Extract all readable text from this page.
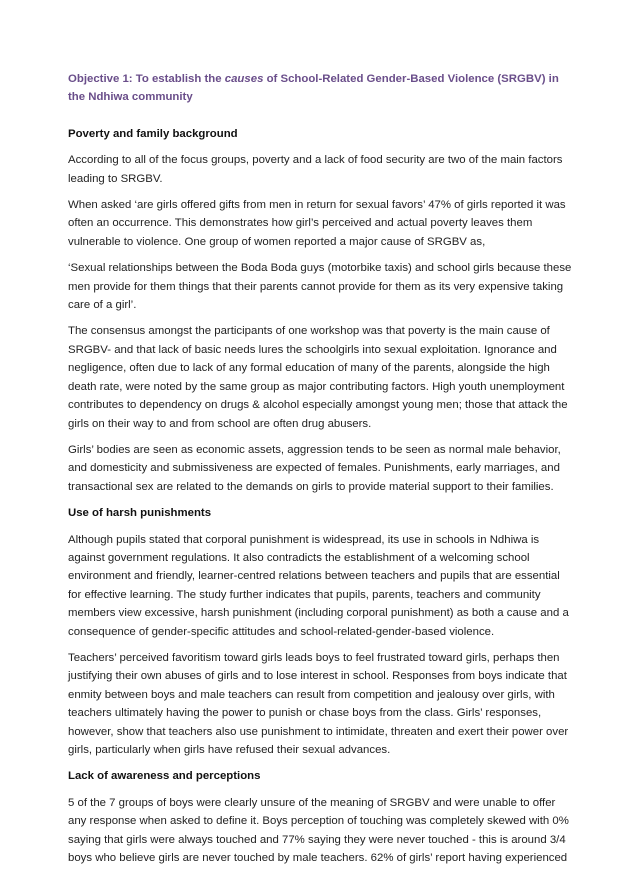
Objective 1: To establish the causes of School-Related Gender-Based Violence (SRGBV) in the Ndhiwa community

Poverty and family background

According to all of the focus groups, poverty and a lack of food security are two of the main factors leading to SRGBV.

When asked ‘are girls offered gifts from men in return for sexual favors’ 47% of girls reported it was often an occurrence. This demonstrates how girl’s perceived and actual poverty leaves them vulnerable to violence. One group of women reported a major cause of SRGBV as,

‘Sexual relationships between the Boda Boda guys (motorbike taxis) and school girls because these men provide for them things that their parents cannot provide for them as its very expensive taking care of a girl’.

The consensus amongst the participants of one workshop was that poverty is the main cause of SRGBV- and that lack of basic needs lures the schoolgirls into sexual exploitation. Ignorance and negligence, often due to lack of any formal education of many of the parents, alongside the high death rate, were noted by the same group as major contributing factors. High youth unemployment contributes to dependency on drugs & alcohol especially amongst young men; those that attack the girls on their way to and from school are often drug abusers.

Girls’ bodies are seen as economic assets, aggression tends to be seen as normal male behavior, and domesticity and submissiveness are expected of females. Punishments, early marriages, and transactional sex are related to the demands on girls to provide material support to their families.

Use of harsh punishments

Although pupils stated that corporal punishment is widespread, its use in schools in Ndhiwa is against government regulations. It also contradicts the establishment of a welcoming school environment and friendly, learner-centred relations between teachers and pupils that are essential for effective learning. The study further indicates that pupils, parents, teachers and community members view excessive, harsh punishment (including corporal punishment) as both a cause and a consequence of gender-specific attitudes and school-related-gender-based violence.

Teachers’ perceived favoritism toward girls leads boys to feel frustrated toward girls, perhaps then justifying their own abuses of girls and to lose interest in school. Responses from boys indicate that enmity between boys and male teachers can result from competition and jealousy over girls, with teachers ultimately having the power to punish or chase boys from the class. Girls’ responses, however, show that teachers also use punishment to intimidate, threaten and exert their power over girls, particularly when girls have refused their sexual advances.

Lack of awareness and perceptions

5 of the 7 groups of boys were clearly unsure of the meaning of SRGBV and were unable to offer any response when asked to define it. Boys perception of touching was completely skewed with 0% saying that girls were always touched and 77% saying they were never touched - this is around 3/4 boys who believe girls are never touched by male teachers. 62% of girls’ report having experienced
